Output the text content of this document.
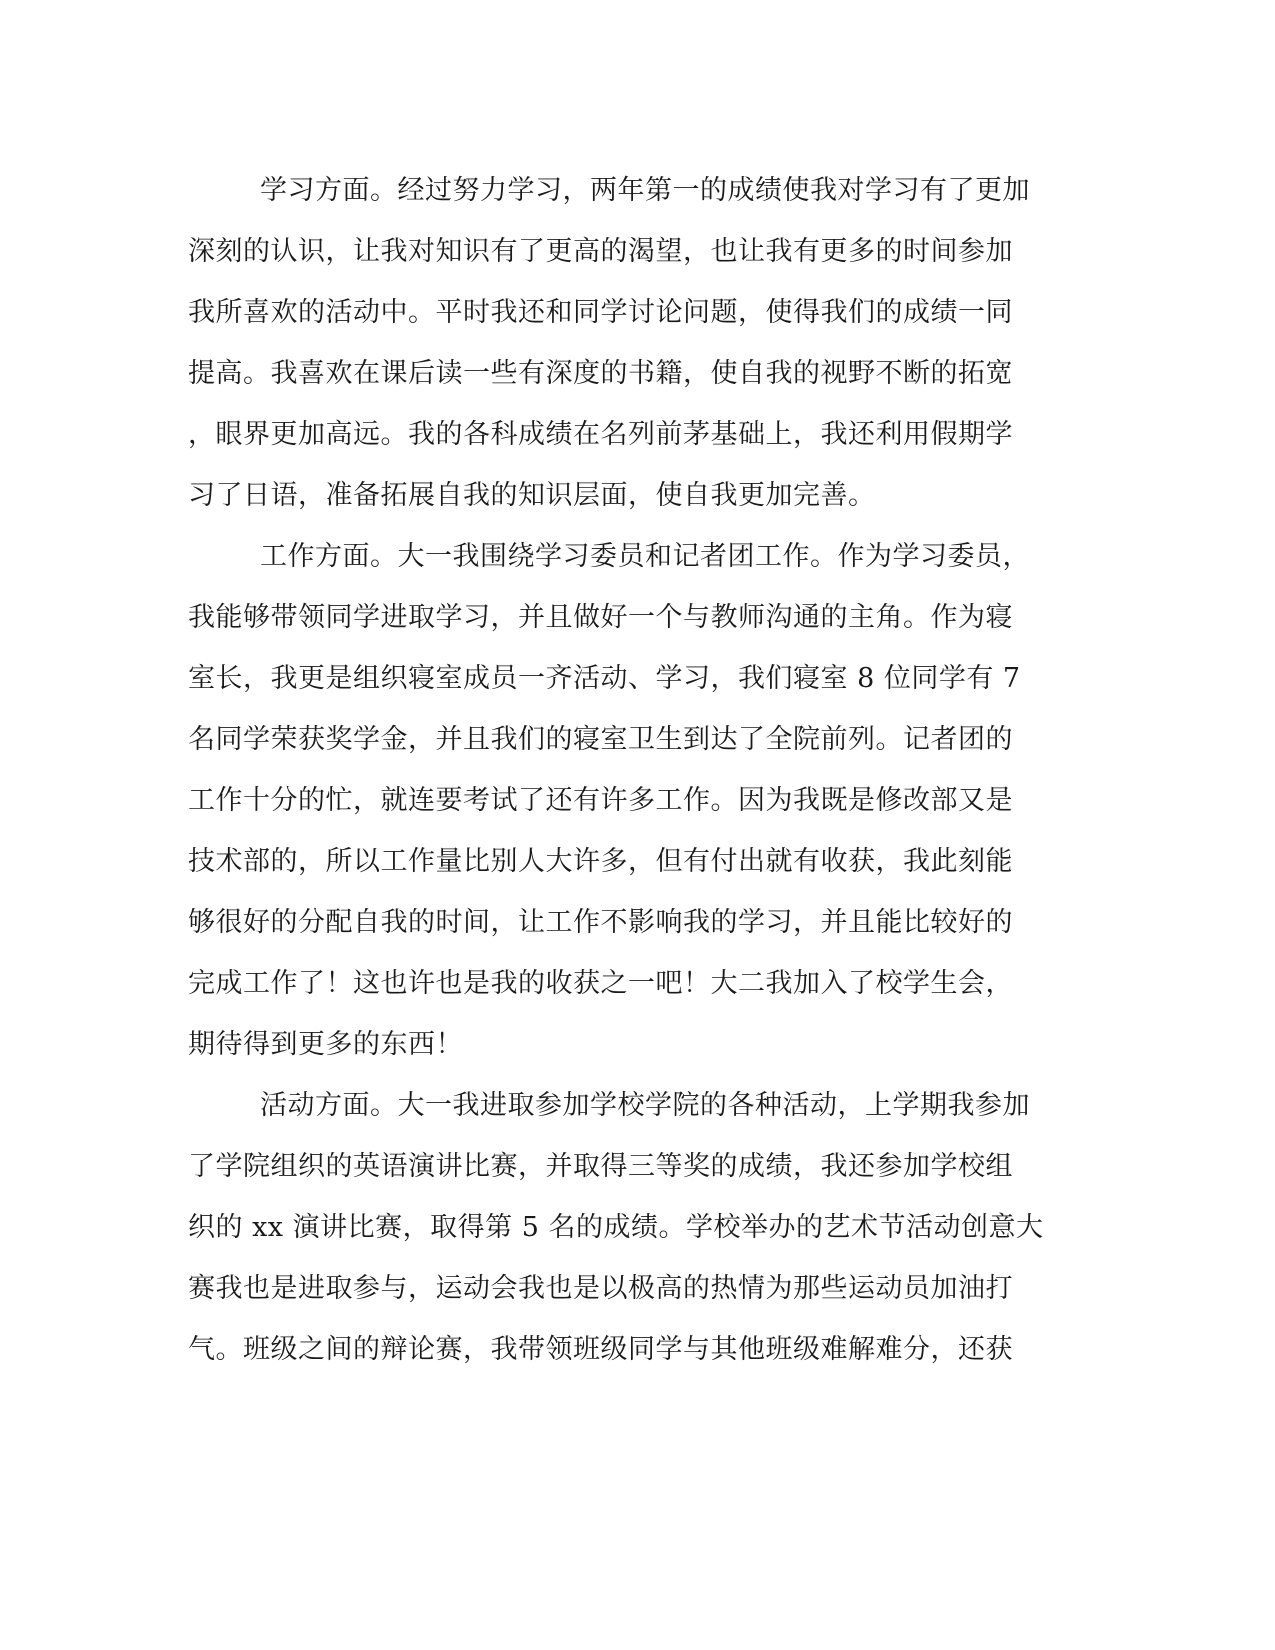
学习方面。经过努力学习，两年第一的成绩使我对学习有了更加
深刻的认识，让我对知识有了更高的渴望，也让我有更多的时间参加
我所喜欢的活动中。平时我还和同学讨论问题，使得我们的成绩一同
提高。我喜欢在课后读一些有深度的书籍，使自我的视野不断的拓宽
，眼界更加高远。我的各科成绩在名列前茅基础上，我还利用假期学
习了日语，准备拓展自我的知识层面，使自我更加完善。
工作方面。大一我围绕学习委员和记者团工作。作为学习委员，
我能够带领同学进取学习，并且做好一个与教师沟通的主角。作为寝
室长，我更是组织寝室成员一齐活动、学习，我们寝室 8 位同学有 7
名同学荣获奖学金，并且我们的寝室卫生到达了全院前列。记者团的
工作十分的忙，就连要考试了还有许多工作。因为我既是修改部又是
技术部的，所以工作量比别人大许多，但有付出就有收获，我此刻能
够很好的分配自我的时间，让工作不影响我的学习，并且能比较好的
完成工作了！这也许也是我的收获之一吧！大二我加入了校学生会，
期待得到更多的东西！
活动方面。大一我进取参加学校学院的各种活动，上学期我参加
了学院组织的英语演讲比赛，并取得三等奖的成绩，我还参加学校组
织的 xx 演讲比赛，取得第 5 名的成绩。学校举办的艺术节活动创意大
赛我也是进取参与，运动会我也是以极高的热情为那些运动员加油打
气。班级之间的辩论赛，我带领班级同学与其他班级难解难分，还获
